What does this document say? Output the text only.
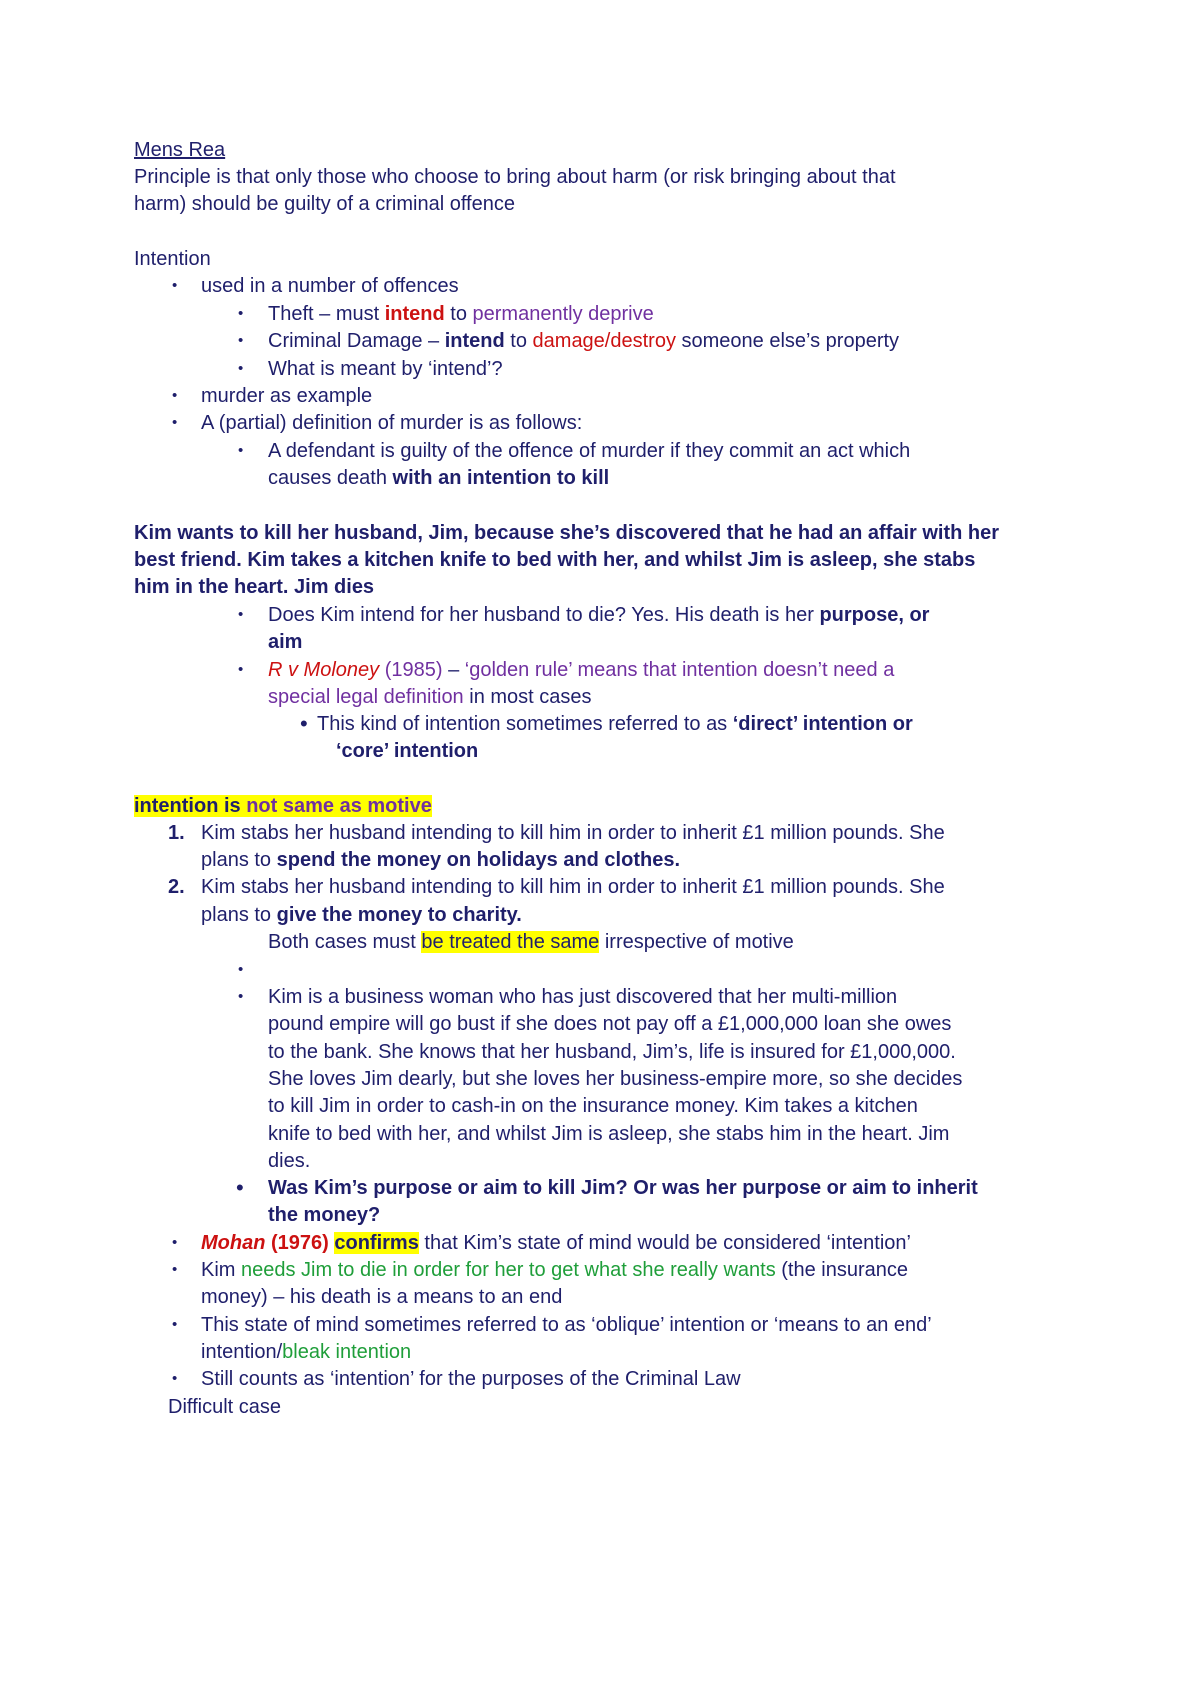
Mens Rea
Principle is that only those who choose to bring about harm (or risk bringing about that
harm) should be guilty of a criminal offence
Intention
• used in a number of offences
• Theft – must intend to permanently deprive
• Criminal Damage – intend to damage/destroy someone else’s property
• What is meant by ‘intend’?
• murder as example
• A (partial) definition of murder is as follows:
• A defendant is guilty of the offence of murder if they commit an act which
causes death with an intention to kill
Kim wants to kill her husband, Jim, because she’s discovered that he had an affair with her
best friend. Kim takes a kitchen knife to bed with her, and whilst Jim is asleep, she stabs
him in the heart. Jim dies
• Does Kim intend for her husband to die? Yes. His death is her purpose, or
aim
• R v Moloney (1985) – ‘golden rule’ means that intention doesn’t need a
special legal definition in most cases
• This kind of intention sometimes referred to as ‘direct’ intention or
‘core’ intention
intention is not same as motive
1. Kim stabs her husband intending to kill him in order to inherit £1 million pounds. She
plans to spend the money on holidays and clothes.
2. Kim stabs her husband intending to kill him in order to inherit £1 million pounds. She
plans to give the money to charity.
Both cases must be treated the same irrespective of motive
•
• Kim is a business woman who has just discovered that her multi-million
pound empire will go bust if she does not pay off a £1,000,000 loan she owes
to the bank. She knows that her husband, Jim’s, life is insured for £1,000,000.
She loves Jim dearly, but she loves her business-empire more, so she decides
to kill Jim in order to cash-in on the insurance money. Kim takes a kitchen
knife to bed with her, and whilst Jim is asleep, she stabs him in the heart. Jim
dies.
• Was Kim’s purpose or aim to kill Jim? Or was her purpose or aim to inherit
the money?
• Mohan (1976) confirms that Kim’s state of mind would be considered ‘intention’
• Kim needs Jim to die in order for her to get what she really wants (the insurance
money) – his death is a means to an end
• This state of mind sometimes referred to as ‘oblique’ intention or ‘means to an end’
intention/bleak intention
• Still counts as ‘intention’ for the purposes of the Criminal Law
Difficult case
